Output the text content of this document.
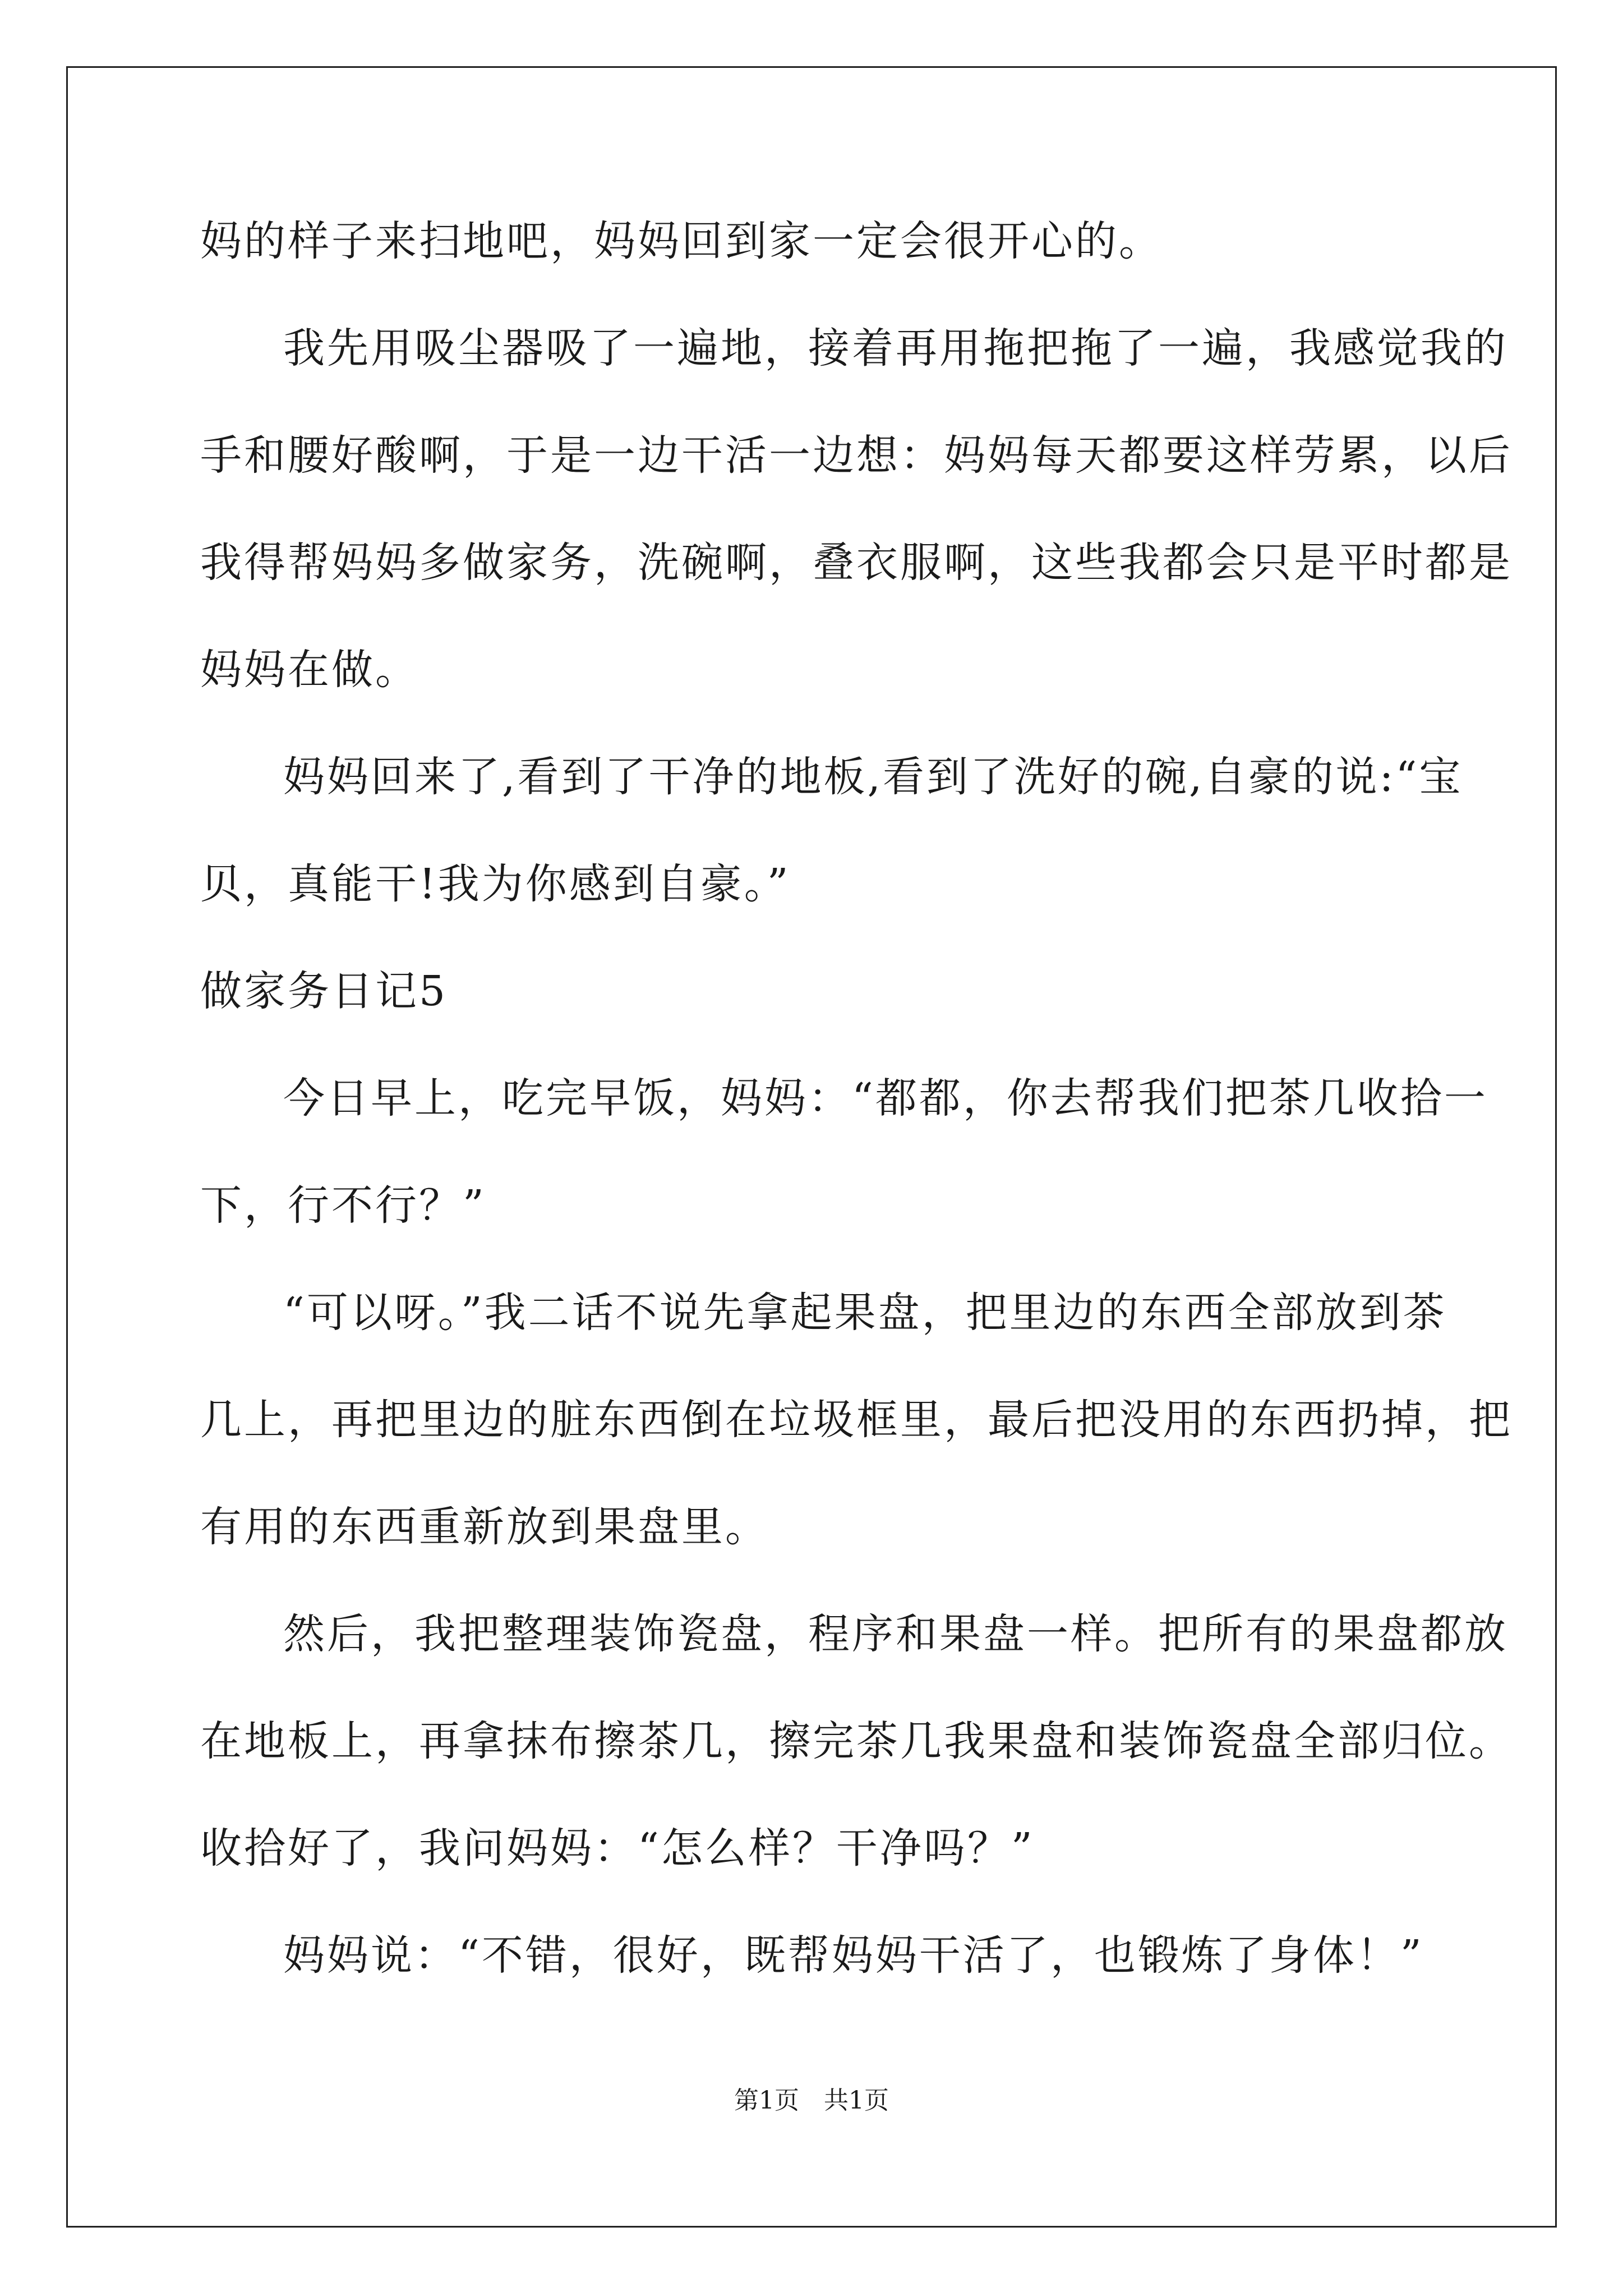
妈的样子来扫地吧，妈妈回到家一定会很开心的。
我先用吸尘器吸了一遍地，接着再用拖把拖了一遍，我感觉我的
手和腰好酸啊，于是一边干活一边想：妈妈每天都要这样劳累，以后
我得帮妈妈多做家务，洗碗啊，叠衣服啊，这些我都会只是平时都是
妈妈在做。
妈妈回来了,看到了干净的地板,看到了洗好的碗,自豪的说:“宝
贝，真能干!我为你感到自豪。”
做家务日记5
今日早上，吃完早饭，妈妈：“都都，你去帮我们把茶几收拾一
下，行不行？”
“可以呀。”我二话不说先拿起果盘，把里边的东西全部放到茶
几上，再把里边的脏东西倒在垃圾框里，最后把没用的东西扔掉，把
有用的东西重新放到果盘里。
然后，我把整理装饰瓷盘，程序和果盘一样。把所有的果盘都放
在地板上，再拿抹布擦茶几，擦完茶几我果盘和装饰瓷盘全部归位。
收拾好了，我问妈妈：“怎么样？干净吗？”
妈妈说：“不错，很好，既帮妈妈干活了，也锻炼了身体！”
第1页　共1页
